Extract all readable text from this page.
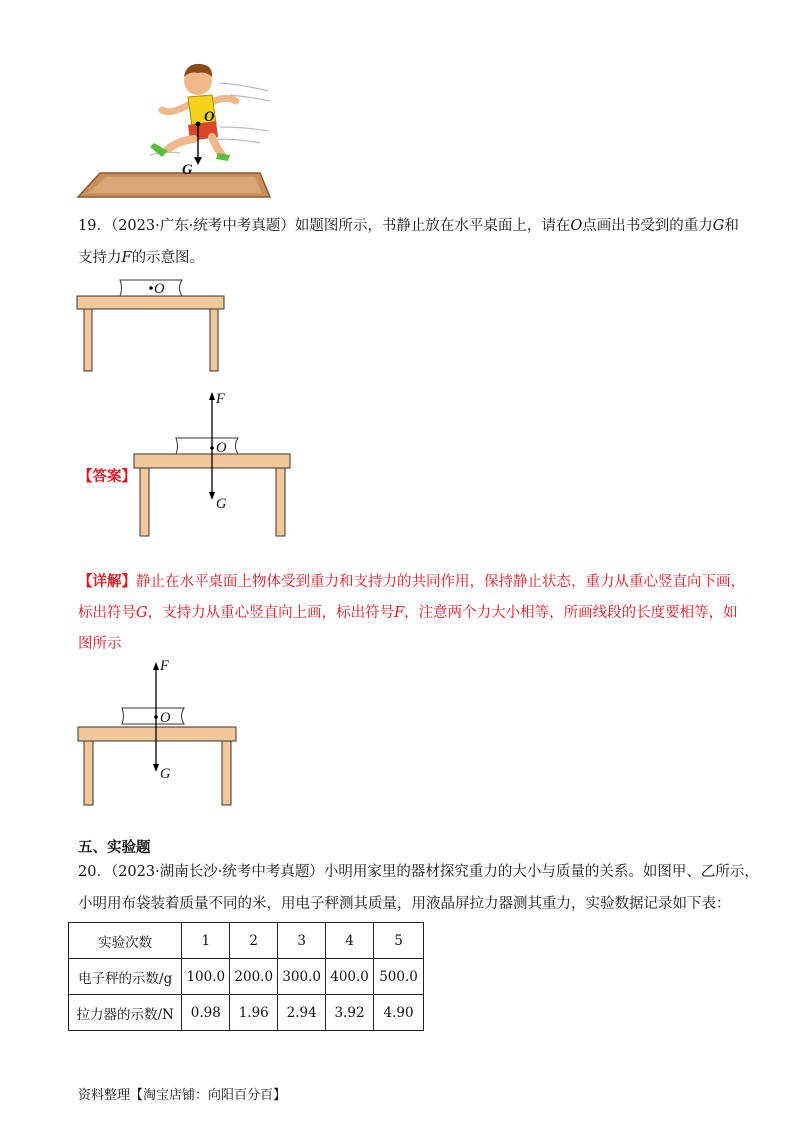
O
G
19．（2023·广东·统考中考真题）如题图所示，书静止放在水平桌面上，请在O点画出书受到的重力G和
支持力F的示意图。
O
【答案】
F
O
G
【详解】静止在水平桌面上物体受到重力和支持力的共同作用，保持静止状态，重力从重心竖直向下画，
标出符号G，支持力从重心竖直向上画，标出符号F，注意两个力大小相等，所画线段的长度要相等，如
图所示
F
O
G
五、实验题
20．（2023·湖南长沙·统考中考真题）小明用家里的器材探究重力的大小与质量的关系。如图甲、乙所示，
小明用布袋装着质量不同的米，用电子秤测其质量，用液晶屏拉力器测其重力，实验数据记录如下表：
实验次数	1	2	3	4	5
电子秤的示数/g	100.0	200.0	300.0	400.0	500.0
拉力器的示数/N	0.98	1.96	2.94	3.92	4.90
资料整理【淘宝店铺：向阳百分百】
